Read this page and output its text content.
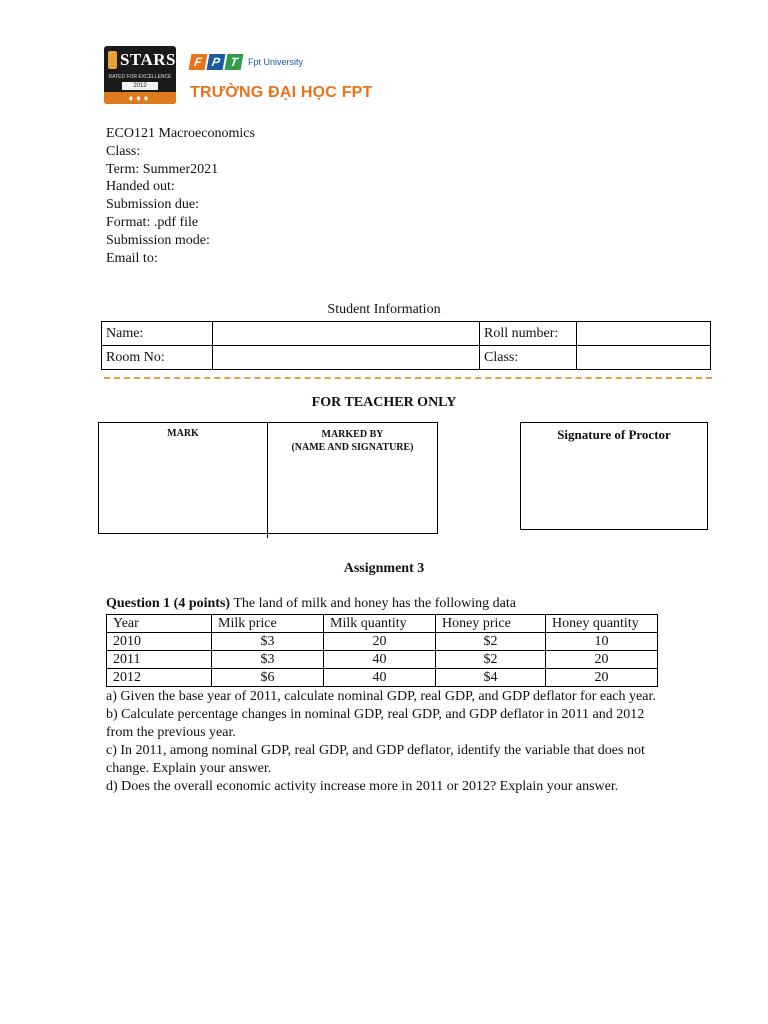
STARS
RATED FOR EXCELLENCE
2012
♦♦♦
F P T	Fpt University
TRƯỜNG ĐẠI HỌC FPT
ECO121 Macroeconomics
Class:
Term: Summer2021
Handed out:
Submission due:
Format: .pdf file
Submission mode:
Email to:
Student Information
Name:		Roll number:	
Room No:		Class:	
FOR TEACHER ONLY
MARK	MARKED BY
(NAME AND SIGNATURE)
Signature of Proctor
Assignment 3
Question 1 (4 points) The land of milk and honey has the following data
Year	Milk price	Milk quantity	Honey price	Honey quantity
2010	$3	20	$2	10
2011	$3	40	$2	20
2012	$6	40	$4	20
a) Given the base year of 2011, calculate nominal GDP, real GDP, and GDP deflator for each year.
b) Calculate percentage changes in nominal GDP, real GDP, and GDP deflator in 2011 and 2012 from the previous year.
c) In 2011, among nominal GDP, real GDP, and GDP deflator, identify the variable that does not change. Explain your answer.
d) Does the overall economic activity increase more in 2011 or 2012? Explain your answer.
